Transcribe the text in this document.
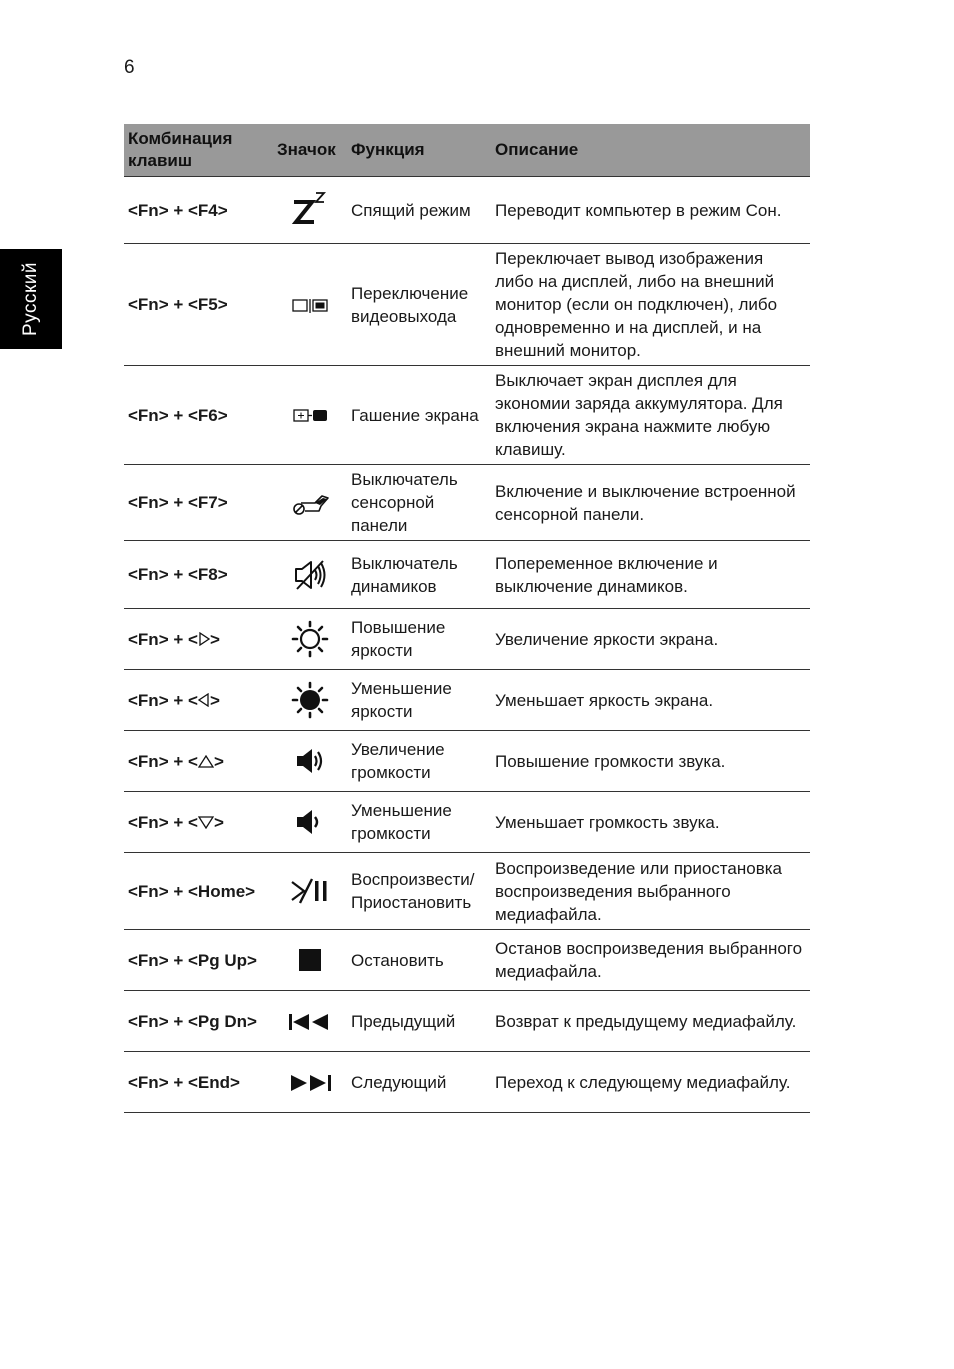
6
Русский
Комбинация клавиш	Значок	Функция	Описание
<Fn> + <F4>		Спящий режим	Переводит компьютер в режим Сон.
<Fn> + <F5>		Переключение видеовыхода	Переключает вывод изображения либо на дисплей, либо на внешний монитор (если он подключен), либо одновременно и на дисплей, и на внешний монитор.
<Fn> + <F6>		Гашение экрана	Выключает экран дисплея для экономии заряда аккумулятора. Для включения экрана нажмите любую клавишу.
<Fn> + <F7>		Выключатель сенсорной панели	Включение и выключение встроенной сенсорной панели.
<Fn> + <F8>		Выключатель динамиков	Попеременное включение и выключение динамиков.
<Fn> + < >		Повышение яркости	Увеличение яркости экрана.
<Fn> + < >		Уменьшение яркости	Уменьшает яркость экрана.
<Fn> + < >		Увеличение громкости	Повышение громкости звука.
<Fn> + < >		Уменьшение громкости	Уменьшает громкость звука.
<Fn> + <Home>		Воспроизвести/ Приостановить	Воспроизведение или приостановка воспроизведения выбранного медиафайла.
<Fn> + <Pg Up>		Остановить	Останов воспроизведения выбранного медиафайла.
<Fn> + <Pg Dn>		Предыдущий	Возврат к предыдущему медиафайлу.
<Fn> + <End>		Следующий	Переход к следующему медиафайлу.
